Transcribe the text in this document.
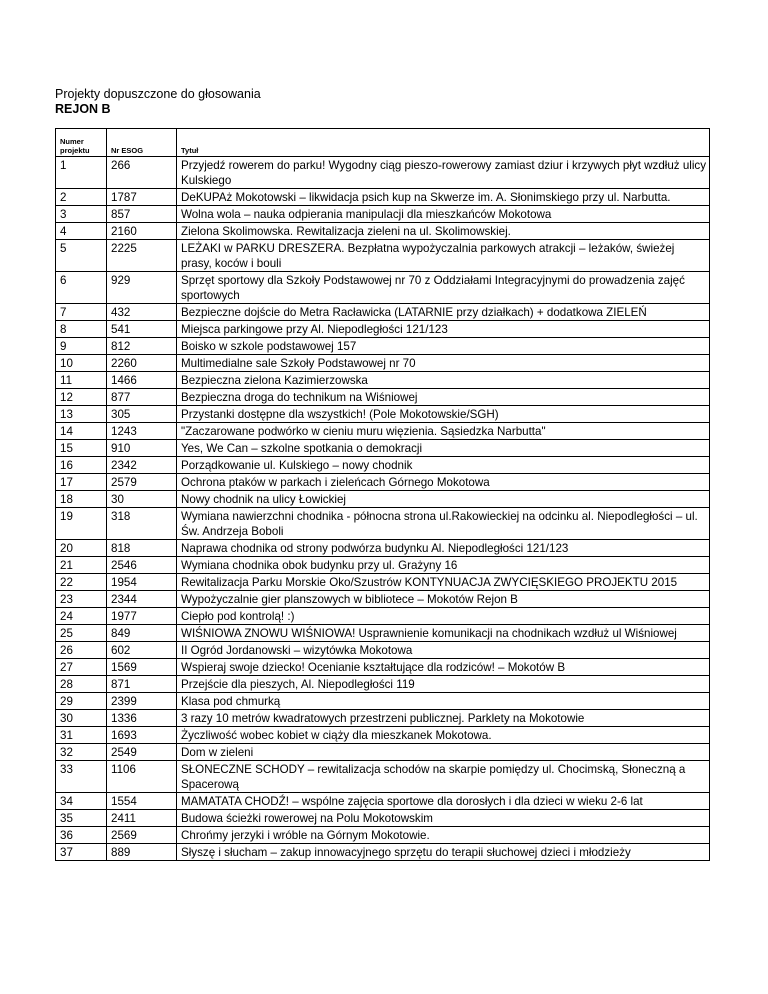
Projekty dopuszczone do głosowania
REJON B
Numer projektu	Nr ESOG	Tytuł
1	266	Przyjedź rowerem do parku! Wygodny ciąg pieszo-rowerowy zamiast dziur i krzywych płyt wzdłuż ulicy Kulskiego
2	1787	DeKUPAż Mokotowski – likwidacja psich kup na Skwerze im. A. Słonimskiego przy ul. Narbutta.
3	857	Wolna wola – nauka odpierania manipulacji dla mieszkańców Mokotowa
4	2160	Zielona Skolimowska. Rewitalizacja zieleni na ul. Skolimowskiej.
5	2225	LEŻAKI w PARKU DRESZERA. Bezpłatna wypożyczalnia parkowych atrakcji – leżaków, świeżej prasy, koców i bouli
6	929	Sprzęt sportowy dla Szkoły Podstawowej nr 70 z Oddziałami Integracyjnymi do prowadzenia zajęć sportowych
7	432	Bezpieczne dojście do Metra Racławicka (LATARNIE przy działkach) + dodatkowa ZIELEŃ
8	541	Miejsca parkingowe przy Al. Niepodległości 121/123
9	812	Boisko w szkole podstawowej 157
10	2260	Multimedialne sale Szkoły Podstawowej nr 70
11	1466	Bezpieczna zielona Kazimierzowska
12	877	Bezpieczna droga do technikum na Wiśniowej
13	305	Przystanki dostępne dla wszystkich! (Pole Mokotowskie/SGH)
14	1243	"Zaczarowane podwórko w cieniu muru więzienia. Sąsiedzka Narbutta"
15	910	Yes, We Can – szkolne spotkania o demokracji
16	2342	Porządkowanie ul. Kulskiego – nowy chodnik
17	2579	Ochrona ptaków w parkach i zieleńcach Górnego Mokotowa
18	30	Nowy chodnik na ulicy Łowickiej
19	318	Wymiana nawierzchni chodnika - północna strona ul.Rakowieckiej na odcinku al. Niepodległości – ul. Św. Andrzeja Boboli
20	818	Naprawa chodnika od strony podwórza budynku Al. Niepodległości 121/123
21	2546	Wymiana chodnika obok budynku przy ul. Grażyny 16
22	1954	Rewitalizacja Parku Morskie Oko/Szustrów KONTYNUACJA ZWYCIĘSKIEGO PROJEKTU 2015
23	2344	Wypożyczalnie gier planszowych w bibliotece – Mokotów Rejon B
24	1977	Ciepło pod kontrolą! :)
25	849	WIŚNIOWA ZNOWU WIŚNIOWA! Usprawnienie komunikacji na chodnikach wzdłuż ul Wiśniowej
26	602	II Ogród Jordanowski – wizytówka Mokotowa
27	1569	Wspieraj swoje dziecko! Ocenianie kształtujące dla rodziców! – Mokotów B
28	871	Przejście dla pieszych, Al. Niepodległości 119
29	2399	Klasa pod chmurką
30	1336	3 razy 10 metrów kwadratowych przestrzeni publicznej. Parklety na Mokotowie
31	1693	Życzliwość wobec kobiet w ciąży dla mieszkanek Mokotowa.
32	2549	Dom w zieleni
33	1106	SŁONECZNE SCHODY – rewitalizacja schodów na skarpie pomiędzy ul. Chocimską, Słoneczną a Spacerową
34	1554	MAMATATA CHODŹ! – wspólne zajęcia sportowe dla dorosłych i dla dzieci w wieku 2-6 lat
35	2411	Budowa ścieżki rowerowej na Polu Mokotowskim
36	2569	Chrońmy jerzyki i wróble na Górnym Mokotowie.
37	889	Słyszę i słucham – zakup innowacyjnego sprzętu do terapii słuchowej dzieci i młodzieży
